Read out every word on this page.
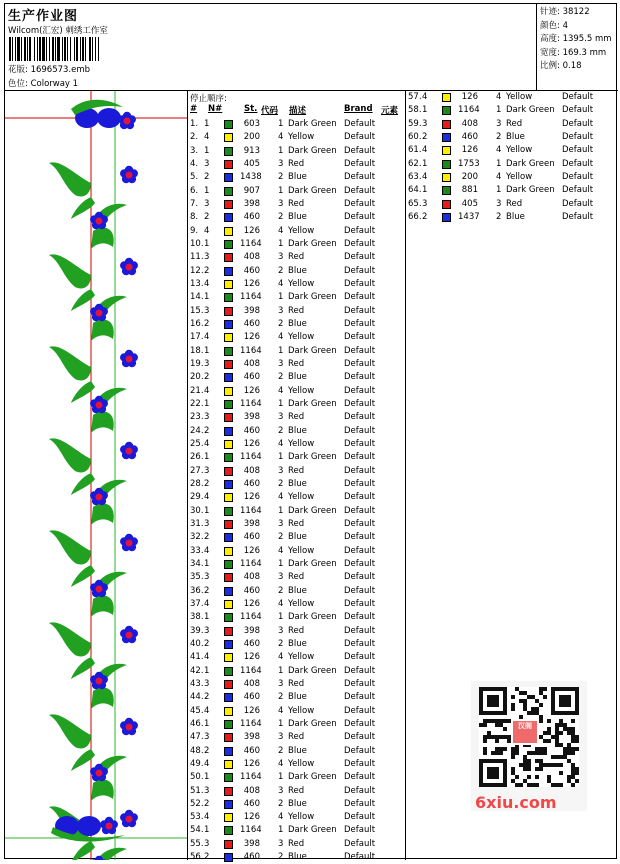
生产作业图
Wilcom(汇宏) 刺绣工作室
花版: 1696573.emb
色位: Colorway 1
针迹: 38122
颜色: 4
高度: 1395.5 mm
宽度: 169.3 mm
比例: 0.18
停止顺序:
# N#	St. 代码 描述	Brand 元素
1. 1	603 1 Dark Green Default
2. 4	200 4 Yellow	Default
3. 1	913 1 Dark Green Default
4. 3	405 3 Red	Default
5. 2	1438 2 Blue	Default
6. 1	907 1 Dark Green Default
7. 3	398 3 Red	Default
8. 2	460 2 Blue	Default
9. 4	126 4 Yellow	Default
10. 1	1164 1 Dark Green Default
11. 3	408 3 Red	Default
12. 2	460 2 Blue	Default
13. 4	126 4 Yellow	Default
14. 1	1164 1 Dark Green Default
15. 3	398 3 Red	Default
16. 2	460 2 Blue	Default
17. 4	126 4 Yellow	Default
18. 1	1164 1 Dark Green Default
19. 3	408 3 Red	Default
20. 2	460 2 Blue	Default
21. 4	126 4 Yellow	Default
22. 1	1164 1 Dark Green Default
23. 3	398 3 Red	Default
24. 2	460 2 Blue	Default
25. 4	126 4 Yellow	Default
26. 1	1164 1 Dark Green Default
27. 3	408 3 Red	Default
28. 2	460 2 Blue	Default
29. 4	126 4 Yellow	Default
30. 1	1164 1 Dark Green Default
31. 3	398 3 Red	Default
32. 2	460 2 Blue	Default
33. 4	126 4 Yellow	Default
34. 1	1164 1 Dark Green Default
35. 3	408 3 Red	Default
36. 2	460 2 Blue	Default
37. 4	126 4 Yellow	Default
38. 1	1164 1 Dark Green Default
39. 3	398 3 Red	Default
40. 2	460 2 Blue	Default
41. 4	126 4 Yellow	Default
42. 1	1164 1 Dark Green Default
43. 3	408 3 Red	Default
44. 2	460 2 Blue	Default
45. 4	126 4 Yellow	Default
46. 1	1164 1 Dark Green Default
47. 3	398 3 Red	Default
48. 2	460 2 Blue	Default
49. 4	126 4 Yellow	Default
50. 1	1164 1 Dark Green Default
51. 3	408 3 Red	Default
52. 2	460 2 Blue	Default
53. 4	126 4 Yellow	Default
54. 1	1164 1 Dark Green Default
55. 3	398 3 Red	Default
56. 2	460 2 Blue	Default
57. 4	126 4 Yellow	Default
58. 1	1164 1 Dark Green Default
59. 3	408 3 Red	Default
60. 2	460 2 Blue	Default
61. 4	126 4 Yellow	Default
62. 1	1753 1 Dark Green Default
63. 4	200 4 Yellow	Default
64. 1	881 1 Dark Green Default
65. 3	405 3 Red	Default
66. 2	1437 2 Blue	Default
汉阁
6xiu.com
